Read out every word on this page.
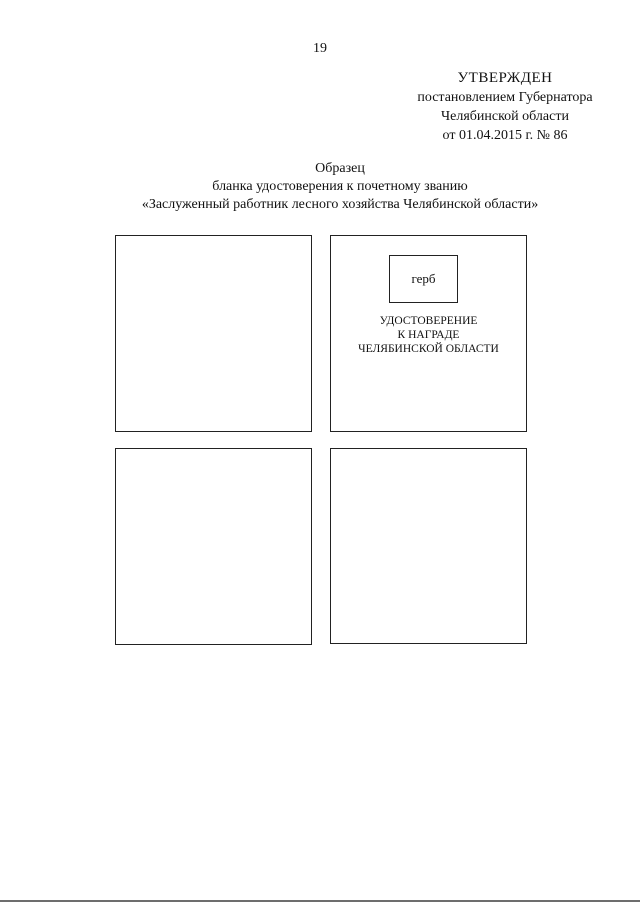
19
УТВЕРЖДЕН
постановлением Губернатора
Челябинской области
от 01.04.2015 г. № 86
Образец
бланка удостоверения к почетному званию
«Заслуженный работник лесного хозяйства Челябинской области»
герб
УДОСТОВЕРЕНИЕ
К НАГРАДЕ
ЧЕЛЯБИНСКОЙ ОБЛАСТИ
